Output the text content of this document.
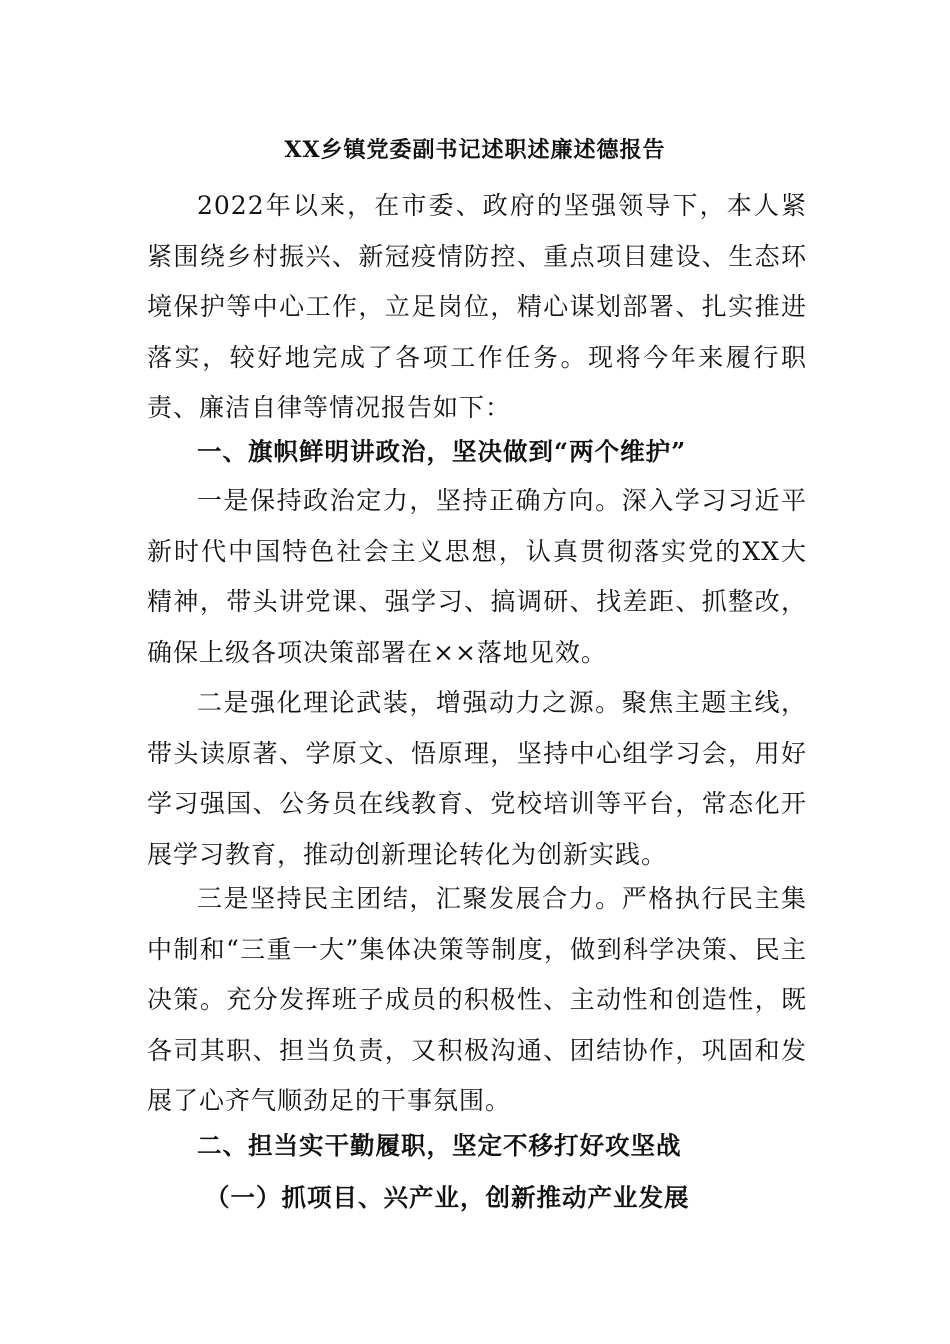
XX乡镇党委副书记述职述廉述德报告

2022年以来，在市委、政府的坚强领导下，本人紧紧围绕乡村振兴、新冠疫情防控、重点项目建设、生态环境保护等中心工作，立足岗位，精心谋划部署、扎实推进落实，较好地完成了各项工作任务。现将今年来履行职责、廉洁自律等情况报告如下：

一、旗帜鲜明讲政治，坚决做到“两个维护”

一是保持政治定力，坚持正确方向。深入学习习近平新时代中国特色社会主义思想，认真贯彻落实党的XX大精神，带头讲党课、强学习、搞调研、找差距、抓整改，确保上级各项决策部署在××落地见效。

二是强化理论武装，增强动力之源。聚焦主题主线，带头读原著、学原文、悟原理，坚持中心组学习会，用好学习强国、公务员在线教育、党校培训等平台，常态化开展学习教育，推动创新理论转化为创新实践。

三是坚持民主团结，汇聚发展合力。严格执行民主集中制和“三重一大”集体决策等制度，做到科学决策、民主决策。充分发挥班子成员的积极性、主动性和创造性，既各司其职、担当负责，又积极沟通、团结协作，巩固和发展了心齐气顺劲足的干事氛围。

二、担当实干勤履职，坚定不移打好攻坚战
（一）抓项目、兴产业，创新推动产业发展
